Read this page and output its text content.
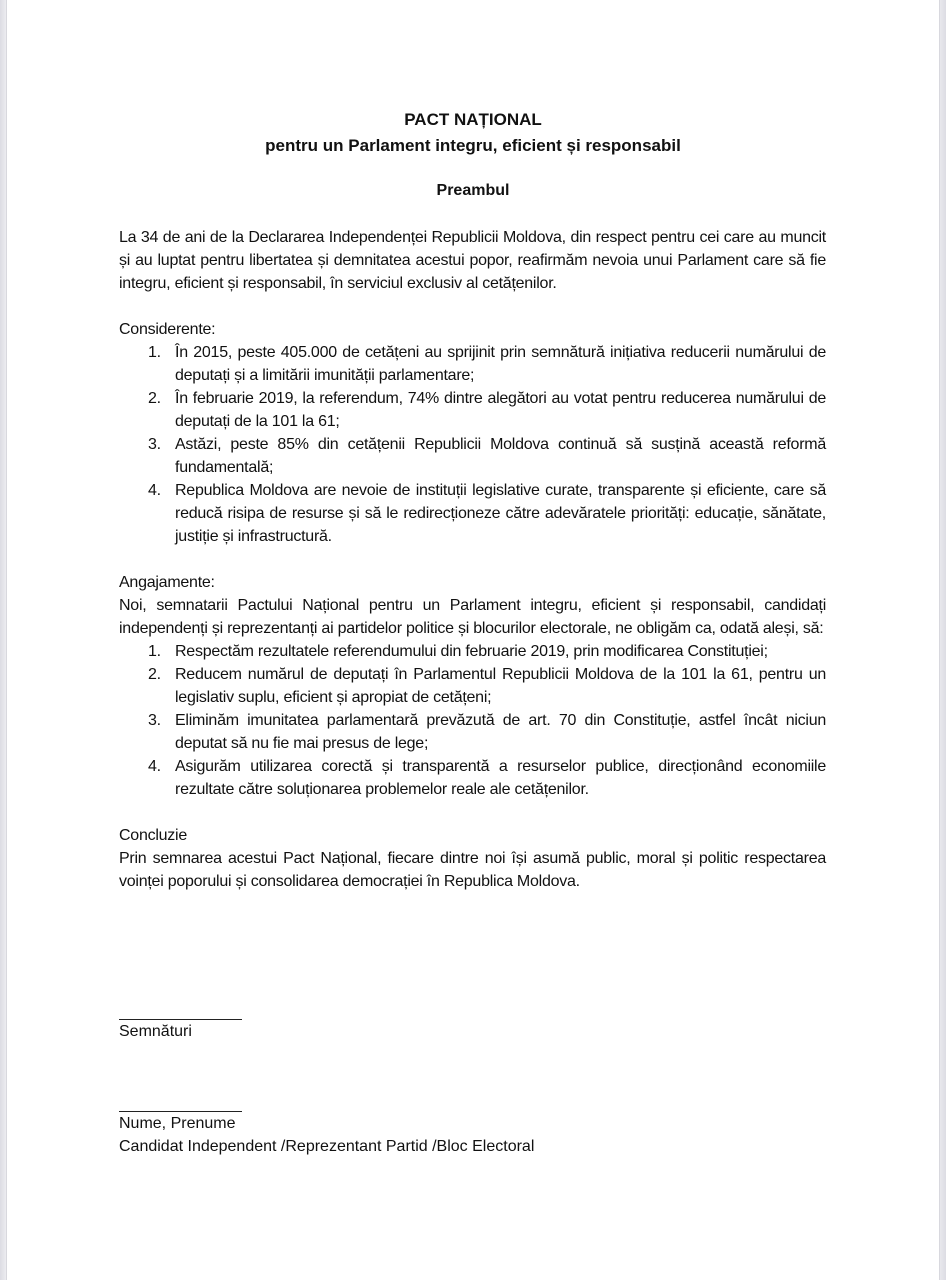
PACT NAȚIONAL
pentru un Parlament integru, eficient și responsabil
Preambul

La 34 de ani de la Declararea Independenței Republicii Moldova, din respect pentru cei care au muncit și au luptat pentru libertatea și demnitatea acestui popor, reafirmăm nevoia unui Parlament care să fie integru, eficient și responsabil, în serviciul exclusiv al cetățenilor.

Considerente:

1. În 2015, peste 405.000 de cetățeni au sprijinit prin semnătură inițiativa reducerii numărului de deputați și a limitării imunității parlamentare;
2. În februarie 2019, la referendum, 74% dintre alegători au votat pentru reducerea numărului de deputați de la 101 la 61;
3. Astăzi, peste 85% din cetățenii Republicii Moldova continuă să susțină această reformă fundamentală;
4. Republica Moldova are nevoie de instituții legislative curate, transparente și eficiente, care să reducă risipa de resurse și să le redirecționeze către adevăratele priorități: educație, sănătate, justiție și infrastructură.

Angajamente:

Noi, semnatarii Pactului Național pentru un Parlament integru, eficient și responsabil, candidați independenți și reprezentanți ai partidelor politice și blocurilor electorale, ne obligăm ca, odată aleși, să:

1. Respectăm rezultatele referendumului din februarie 2019, prin modificarea Constituției;
2. Reducem numărul de deputați în Parlamentul Republicii Moldova de la 101 la 61, pentru un legislativ suplu, eficient și apropiat de cetățeni;
3. Eliminăm imunitatea parlamentară prevăzută de art. 70 din Constituție, astfel încât niciun deputat să nu fie mai presus de lege;
4. Asigurăm utilizarea corectă și transparentă a resurselor publice, direcționând economiile rezultate către soluționarea problemelor reale ale cetățenilor.

Concluzie

Prin semnarea acestui Pact Național, fiecare dintre noi își asumă public, moral și politic respectarea voinței poporului și consolidarea democrației în Republica Moldova.

Semnături
Nume, Prenume
Candidat Independent /Reprezentant Partid /Bloc Electoral
